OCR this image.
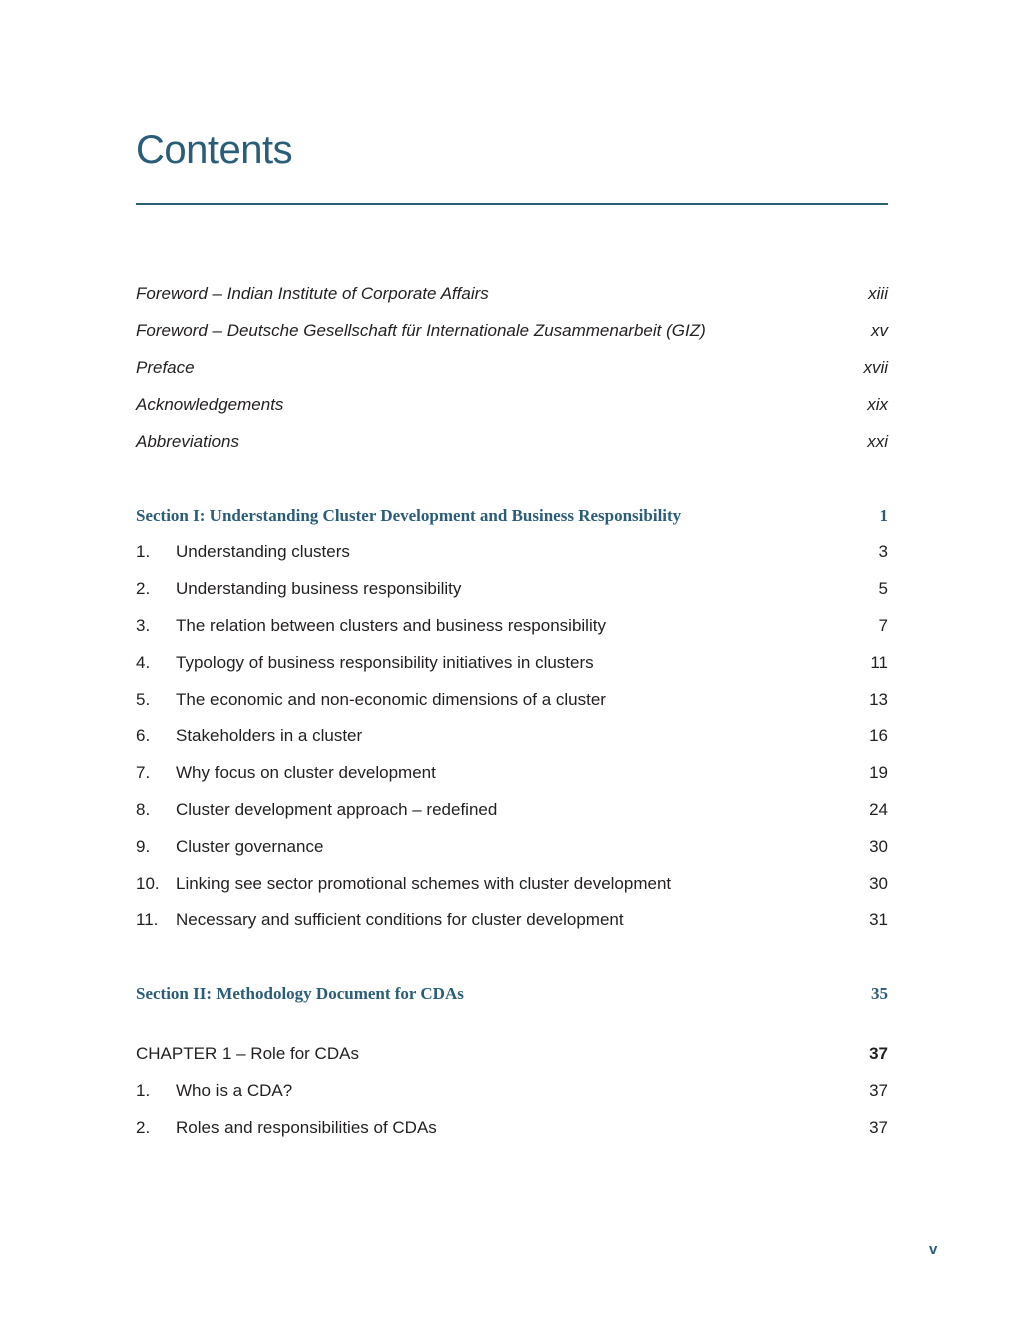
Contents
Foreword – Indian Institute of Corporate Affairs	xiii
Foreword – Deutsche Gesellschaft für Internationale Zusammenarbeit (GIZ)	xv
Preface	xvii
Acknowledgements	xix
Abbreviations	xxi
Section I: Understanding Cluster Development and Business Responsibility	1
1.	Understanding clusters	3
2.	Understanding business responsibility	5
3.	The relation between clusters and business responsibility	7
4.	Typology of business responsibility initiatives in clusters	11
5.	The economic and non-economic dimensions of a cluster	13
6.	Stakeholders in a cluster	16
7.	Why focus on cluster development	19
8.	Cluster development approach – redefined	24
9.	Cluster governance	30
10. Linking see sector promotional schemes with cluster development	30
11.	Necessary and sufficient conditions for cluster development	31
Section II: Methodology Document for CDAs	35
CHAPTER 1 – Role for CDAs	37
1.	Who is a CDA?	37
2.	Roles and responsibilities of CDAs	37
v
